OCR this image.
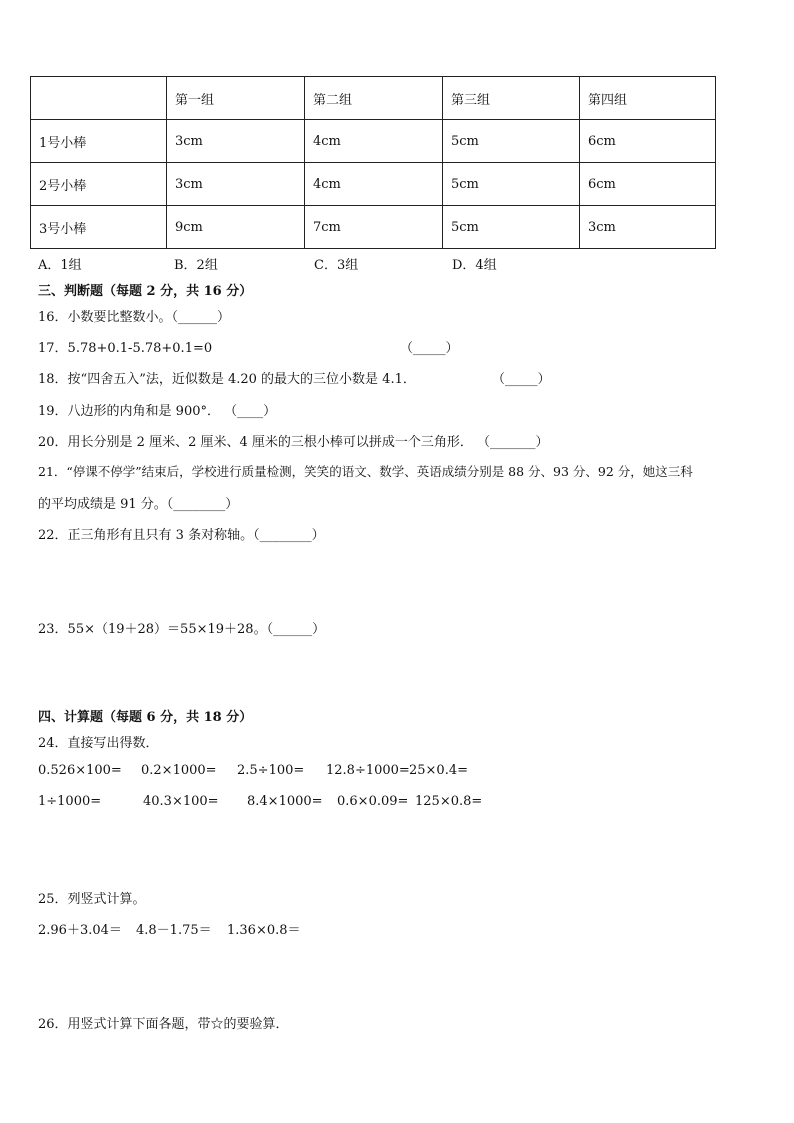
	第一组	第二组	第三组	第四组
1号小棒	3cm	4cm	5cm	6cm
2号小棒	3cm	4cm	5cm	6cm
3号小棒	9cm	7cm	5cm	3cm
A．1组	B．2组	C．3组	D．4组
三、判断题（每题 2 分，共 16 分）
16．小数要比整数小。（______）
17．5.78+0.1-5.78+0.1=0	（_____）
18．按“四舍五入”法，近似数是 4.20 的最大的三位小数是 4.1．	（_____）
19．八边形的内角和是 900°． （____）
20．用长分别是 2 厘米、2 厘米、4 厘米的三根小棒可以拼成一个三角形． （_______）
21．“停课不停学”结束后，学校进行质量检测，笑笑的语文、数学、英语成绩分别是 88 分、93 分、92 分，她这三科
的平均成绩是 91 分。（________）
22．正三角形有且只有 3 条对称轴。（________）
23．55×（19＋28）＝55×19＋28。（______）
四、计算题（每题 6 分，共 18 分）
24．直接写出得数．
0.526×100= 0.2×1000= 2.5÷100= 12.8÷1000= 25×0.4=
1÷1000=	40.3×100= 8.4×1000= 0.6×0.09= 125×0.8=
25．列竖式计算。
2.96＋3.04＝ 4.8－1.75＝ 1.36×0.8＝
26．用竖式计算下面各题，带☆的要验算．
